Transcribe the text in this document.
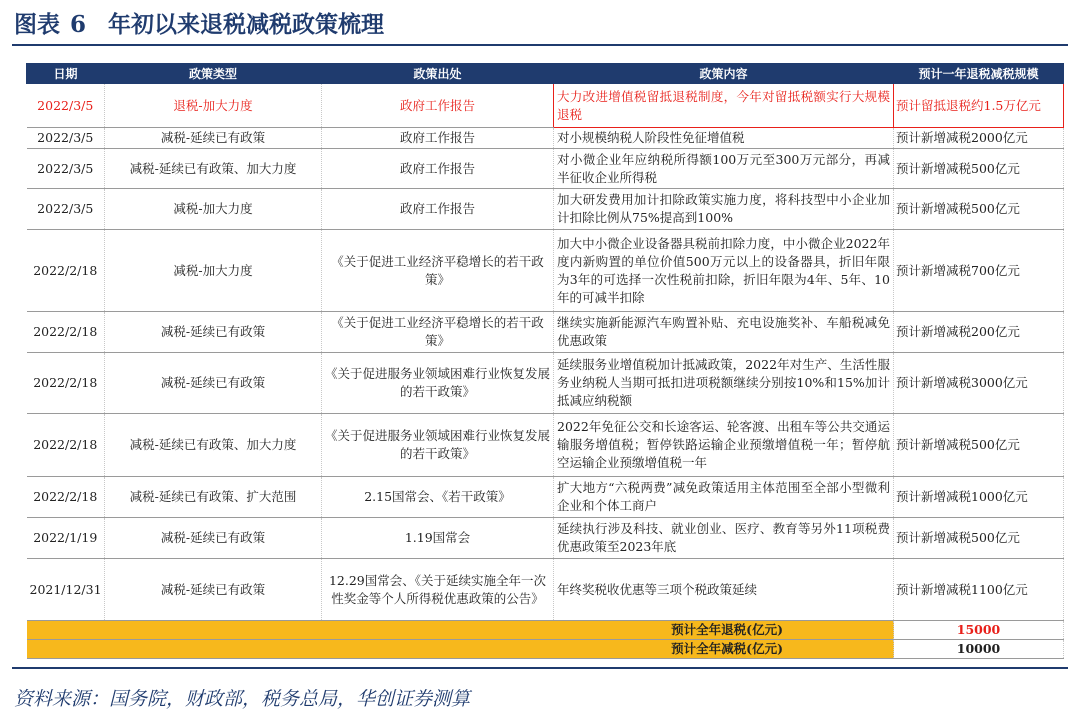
图表 6 年初以来退税减税政策梳理
日期	政策类型	政策出处	政策内容	预计一年退税减税规模
2022/3/5	退税-加大力度	政府工作报告	大力改进增值税留抵退税制度，今年对留抵税额实行大规模退税	预计留抵退税约1.5万亿元
2022/3/5	减税-延续已有政策	政府工作报告	对小规模纳税人阶段性免征增值税	预计新增减税2000亿元
2022/3/5	减税-延续已有政策、加大力度	政府工作报告	对小微企业年应纳税所得额100万元至300万元部分，再减半征收企业所得税	预计新增减税500亿元
2022/3/5	减税-加大力度	政府工作报告	加大研发费用加计扣除政策实施力度，将科技型中小企业加计扣除比例从75%提高到100%	预计新增减税500亿元
2022/2/18	减税-加大力度	《关于促进工业经济平稳增长的若干政策》	加大中小微企业设备器具税前扣除力度，中小微企业2022年度内新购置的单位价值500万元以上的设备器具，折旧年限为3年的可选择一次性税前扣除，折旧年限为4年、5年、10年的可减半扣除	预计新增减税700亿元
2022/2/18	减税-延续已有政策	《关于促进工业经济平稳增长的若干政策》	继续实施新能源汽车购置补贴、充电设施奖补、车船税减免优惠政策	预计新增减税200亿元
2022/2/18	减税-延续已有政策	《关于促进服务业领域困难行业恢复发展的若干政策》	延续服务业增值税加计抵减政策，2022年对生产、生活性服务业纳税人当期可抵扣进项税额继续分别按10%和15%加计抵减应纳税额	预计新增减税3000亿元
2022/2/18	减税-延续已有政策、加大力度	《关于促进服务业领域困难行业恢复发展的若干政策》	2022年免征公交和长途客运、轮客渡、出租车等公共交通运输服务增值税；暂停铁路运输企业预缴增值税一年；暂停航空运输企业预缴增值税一年	预计新增减税500亿元
2022/2/18	减税-延续已有政策、扩大范围	2.15国常会、《若干政策》	扩大地方“六税两费”减免政策适用主体范围至全部小型微利企业和个体工商户	预计新增减税1000亿元
2022/1/19	减税-延续已有政策	1.19国常会	延续执行涉及科技、就业创业、医疗、教育等另外11项税费优惠政策至2023年底	预计新增减税500亿元
2021/12/31	减税-延续已有政策	12.29国常会、《关于延续实施全年一次性奖金等个人所得税优惠政策的公告》	年终奖税收优惠等三项个税政策延续	预计新增减税1100亿元
预计全年退税(亿元)				15000
预计全年减税(亿元)				10000
资料来源：国务院，财政部，税务总局，华创证券测算
